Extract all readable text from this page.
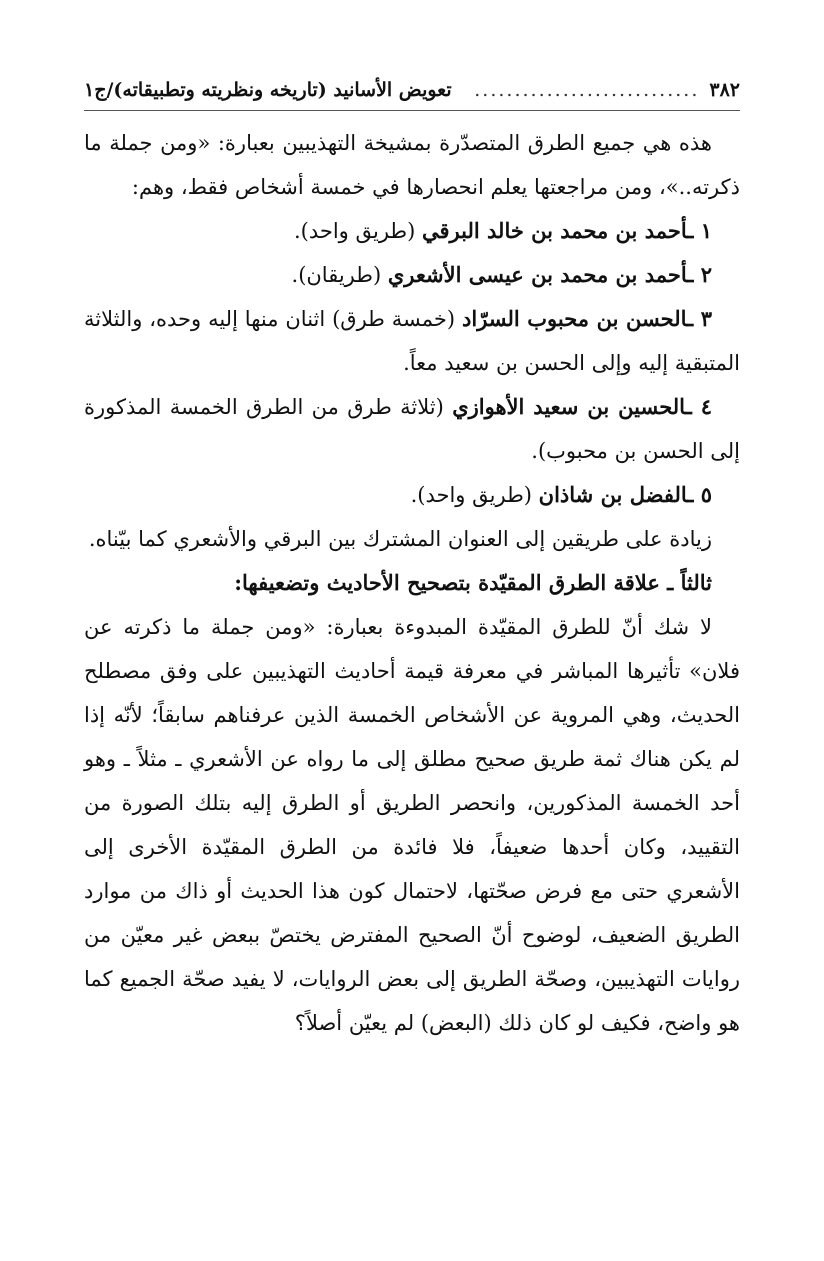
٣٨٢
............................
تعويض الأسانيد (تاريخه ونظريته وتطبيقاته)/ج١

هذه هي جميع الطرق المتصدّرة بمشيخة التهذيبين بعبارة: «ومن جملة ما ذكرته..»، ومن مراجعتها يعلم انحصارها في خمسة أشخاص فقط، وهم:

١ ـأحمد بن محمد بن خالد البرقي (طريق واحد).

٢ ـأحمد بن محمد بن عيسى الأشعري (طريقان).

٣ ـالحسن بن محبوب السرّاد (خمسة طرق) اثنان منها إليه وحده، والثلاثة المتبقية إليه وإلى الحسن بن سعيد معاً.

٤ ـالحسين بن سعيد الأهوازي (ثلاثة طرق من الطرق الخمسة المذكورة إلى الحسن بن محبوب).

٥ ـالفضل بن شاذان (طريق واحد).

زيادة على طريقين إلى العنوان المشترك بين البرقي والأشعري كما بيّناه.

ثالثاً ـ علاقة الطرق المقيّدة بتصحيح الأحاديث وتضعيفها:

لا شك أنّ للطرق المقيّدة المبدوءة بعبارة: «ومن جملة ما ذكرته عن فلان» تأثيرها المباشر في معرفة قيمة أحاديث التهذيبين على وفق مصطلح الحديث، وهي المروية عن الأشخاص الخمسة الذين عرفناهم سابقاً؛ لأنّه إذا لم يكن هناك ثمة طريق صحيح مطلق إلى ما رواه عن الأشعري ـ مثلاً ـ وهو أحد الخمسة المذكورين، وانحصر الطريق أو الطرق إليه بتلك الصورة من التقييد، وكان أحدها ضعيفاً، فلا فائدة من الطرق المقيّدة الأخرى إلى الأشعري حتى مع فرض صحّتها، لاحتمال كون هذا الحديث أو ذاك من موارد الطريق الضعيف، لوضوح أنّ الصحيح المفترض يختصّ ببعض غير معيّن من روايات التهذيبين، وصحّة الطريق إلى بعض الروايات، لا يفيد صحّة الجميع كما هو واضح، فكيف لو كان ذلك (البعض) لم يعيّن أصلاً؟
